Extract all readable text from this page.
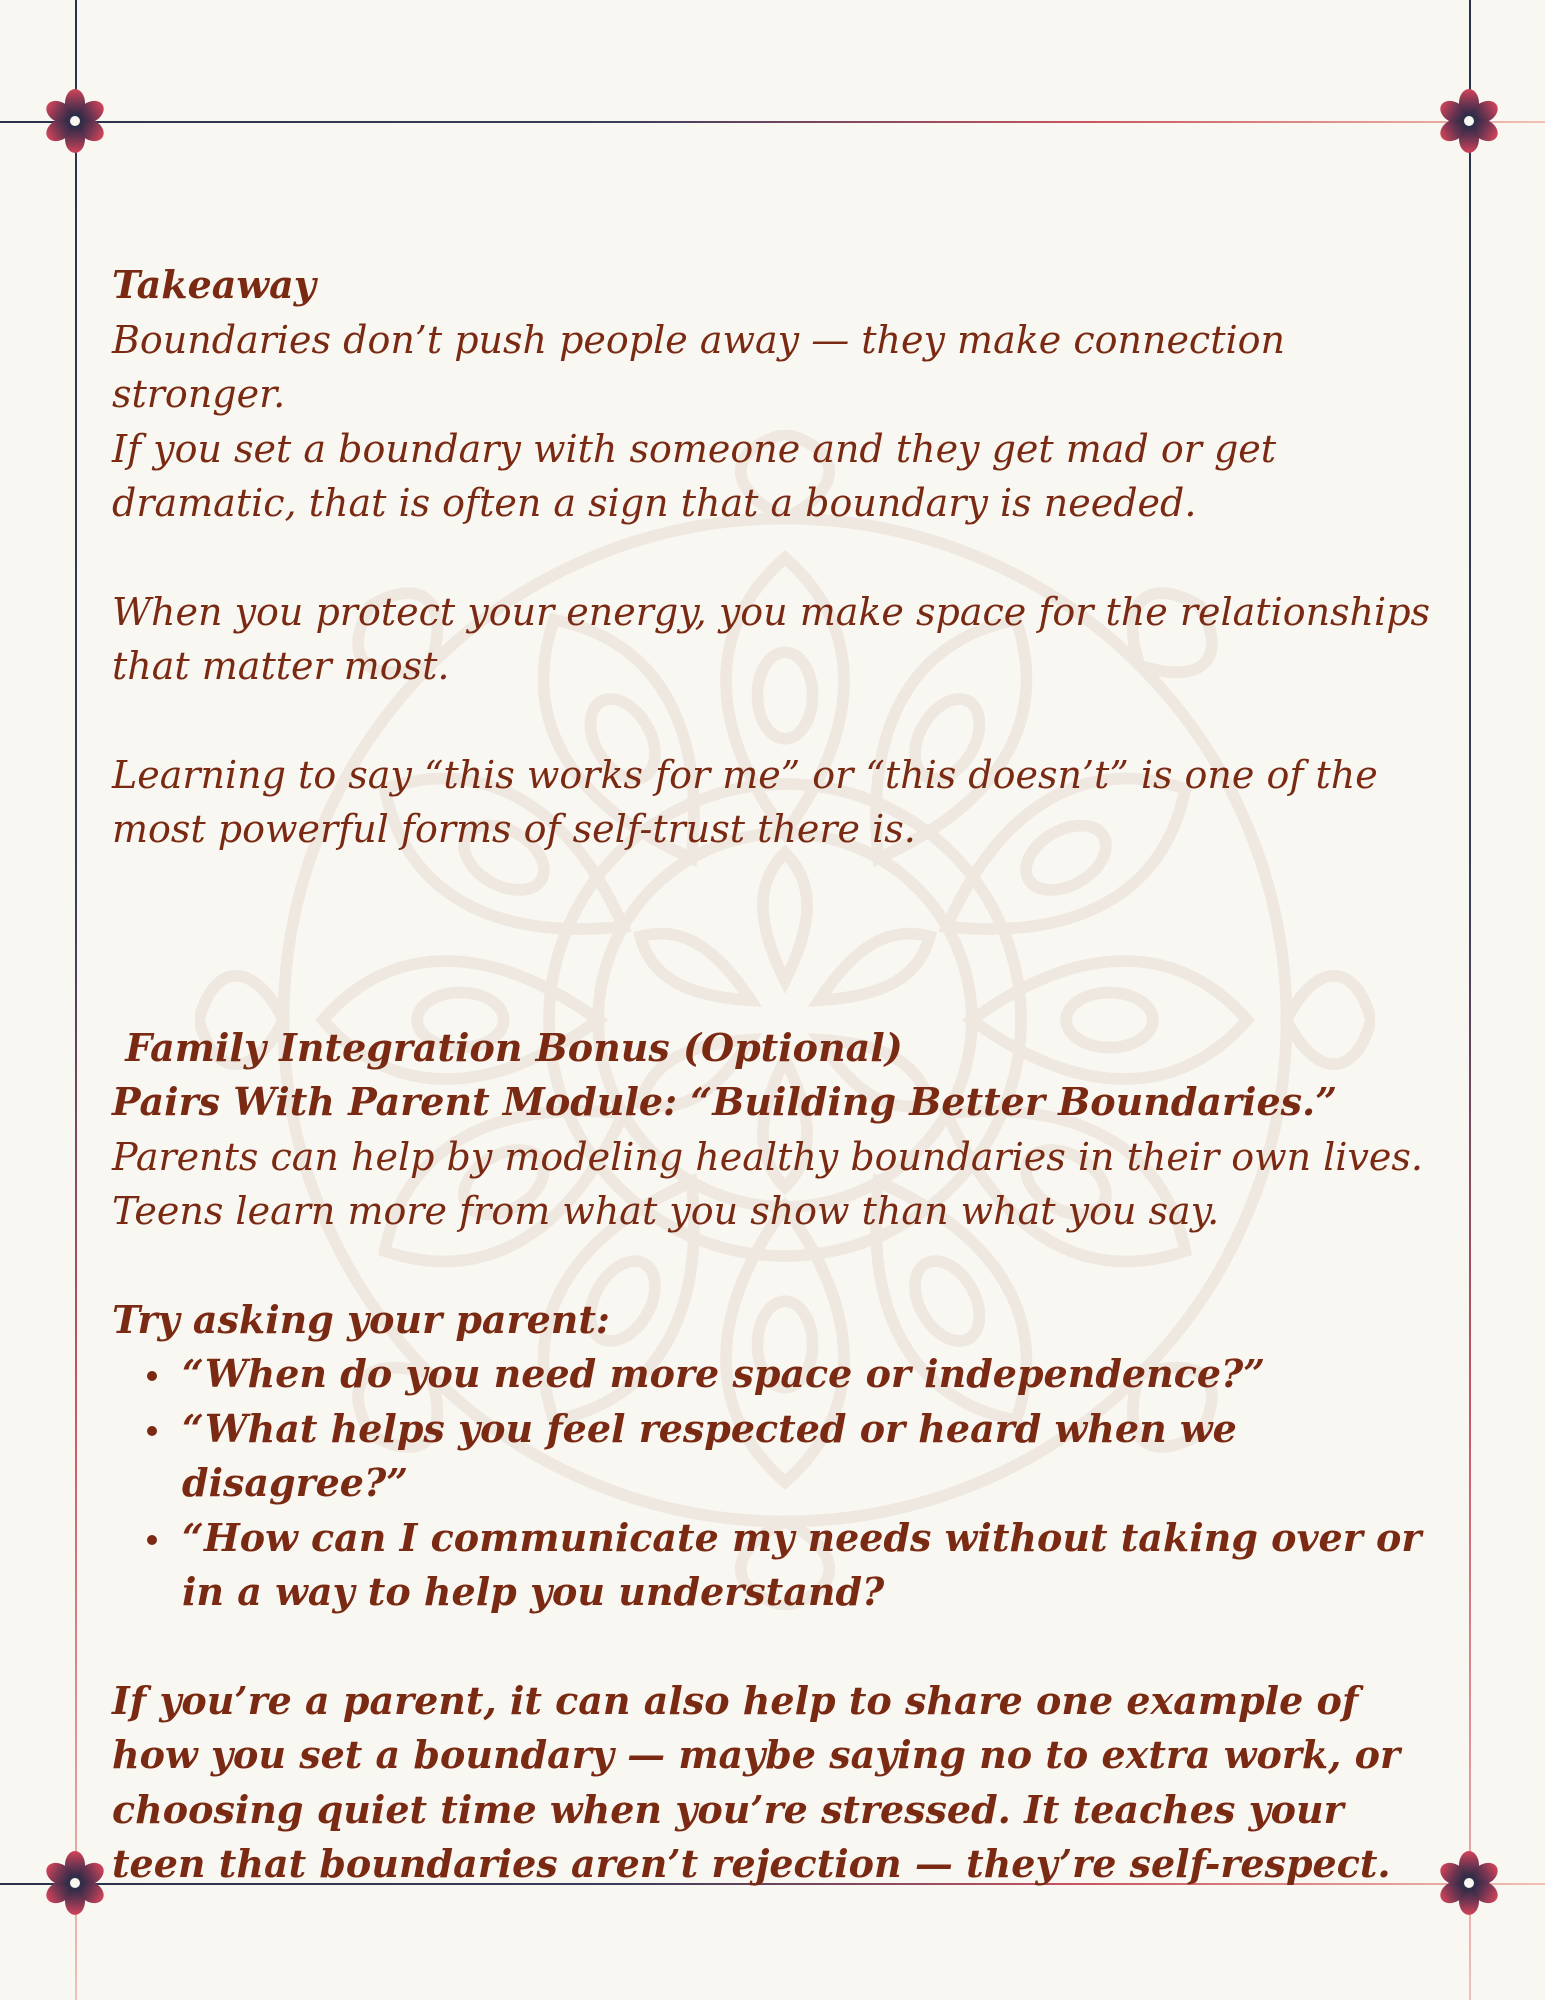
Takeaway

Boundaries don’t push people away — they make connection stronger.

If you set a boundary with someone and they get mad or get dramatic, that is often a sign that a boundary is needed.

When you protect your energy, you make space for the relationships that matter most.

Learning to say “this works for me” or “this doesn’t” is one of the most powerful forms of self-trust there is.

Family Integration Bonus (Optional)

Pairs With Parent Module: “Building Better Boundaries.”

Parents can help by modeling healthy boundaries in their own lives. Teens learn more from what you show than what you say.

Try asking your parent:

“When do you need more space or independence?”
“What helps you feel respected or heard when we disagree?”
“How can I communicate my needs without taking over or in a way to help you understand?

If you’re a parent, it can also help to share one example of how you set a boundary — maybe saying no to extra work, or choosing quiet time when you’re stressed. It teaches your teen that boundaries aren’t rejection — they’re self-respect.
